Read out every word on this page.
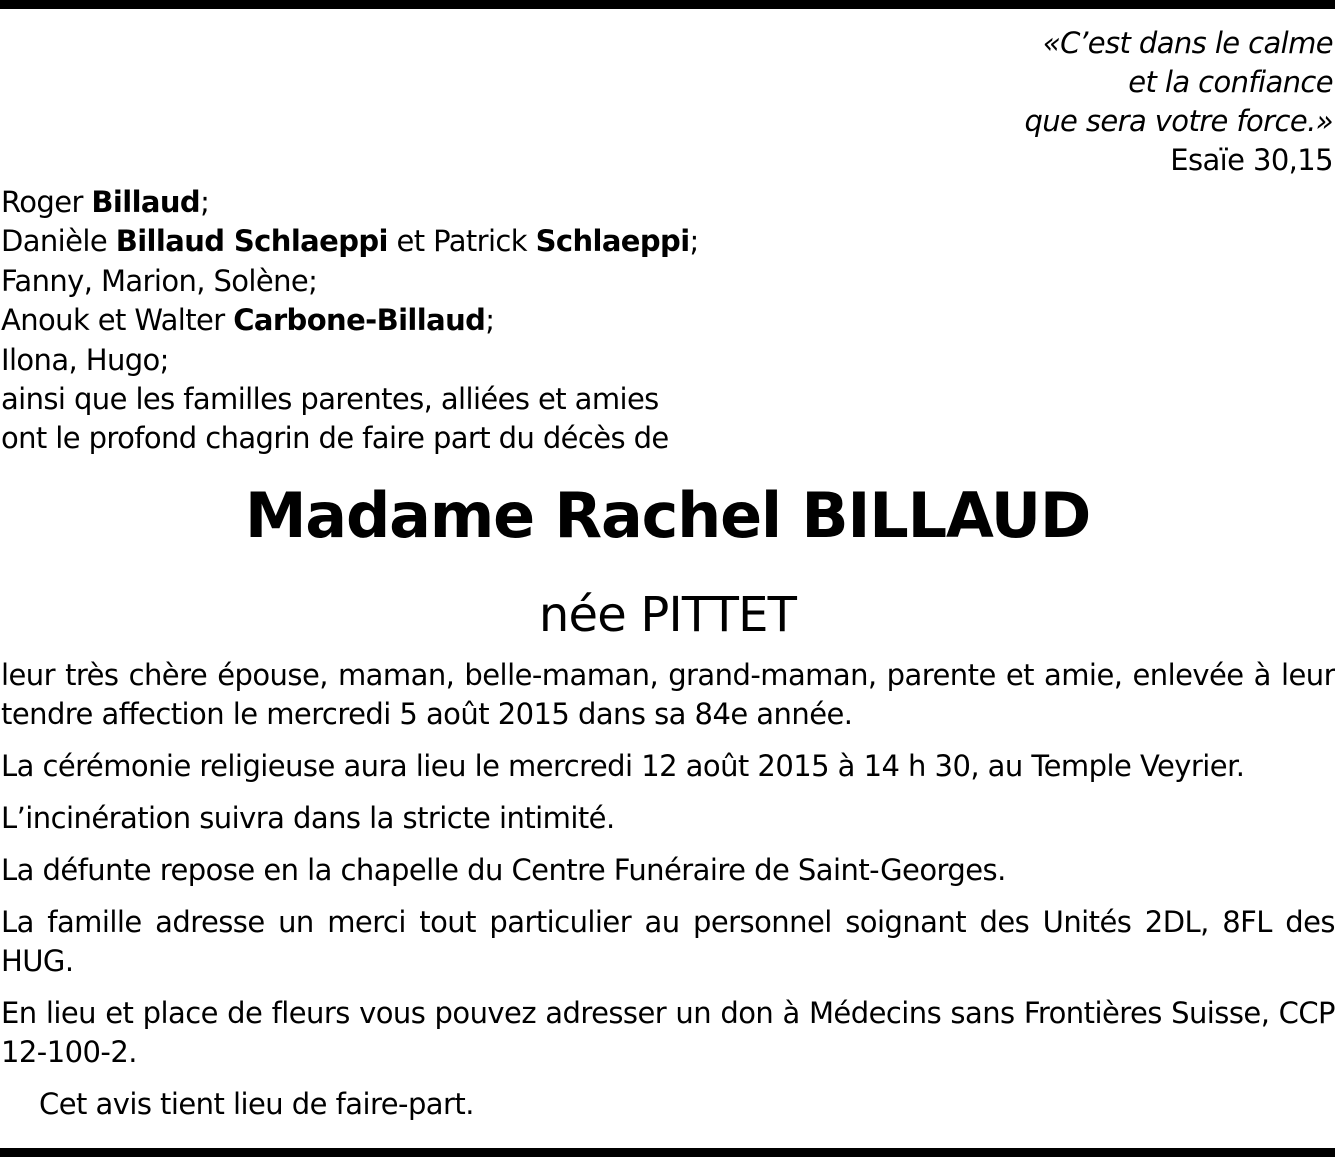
«C’est dans le calme
et la confiance
que sera votre force.»
Esaïe 30,15
Roger Billaud;
Danièle Billaud Schlaeppi et Patrick Schlaeppi;
Fanny, Marion, Solène;
Anouk et Walter Carbone-Billaud;
Ilona, Hugo;
ainsi que les familles parentes, alliées et amies
ont le profond chagrin de faire part du décès de
Madame Rachel BILLAUD
née PITTET

leur très chère épouse, maman, belle-maman, grand-maman, parente et amie, enlevée à leur tendre affection le mercredi 5 août 2015 dans sa 84e année.

La cérémonie religieuse aura lieu le mercredi 12 août 2015 à 14 h 30, au Temple Veyrier.

L’incinération suivra dans la stricte intimité.

La défunte repose en la chapelle du Centre Funéraire de Saint-Georges.

La famille adresse un merci tout particulier au personnel soignant des Unités 2DL, 8FL des HUG.

En lieu et place de fleurs vous pouvez adresser un don à Médecins sans Frontières Suisse, CCP 12-100-2.

Cet avis tient lieu de faire-part.
